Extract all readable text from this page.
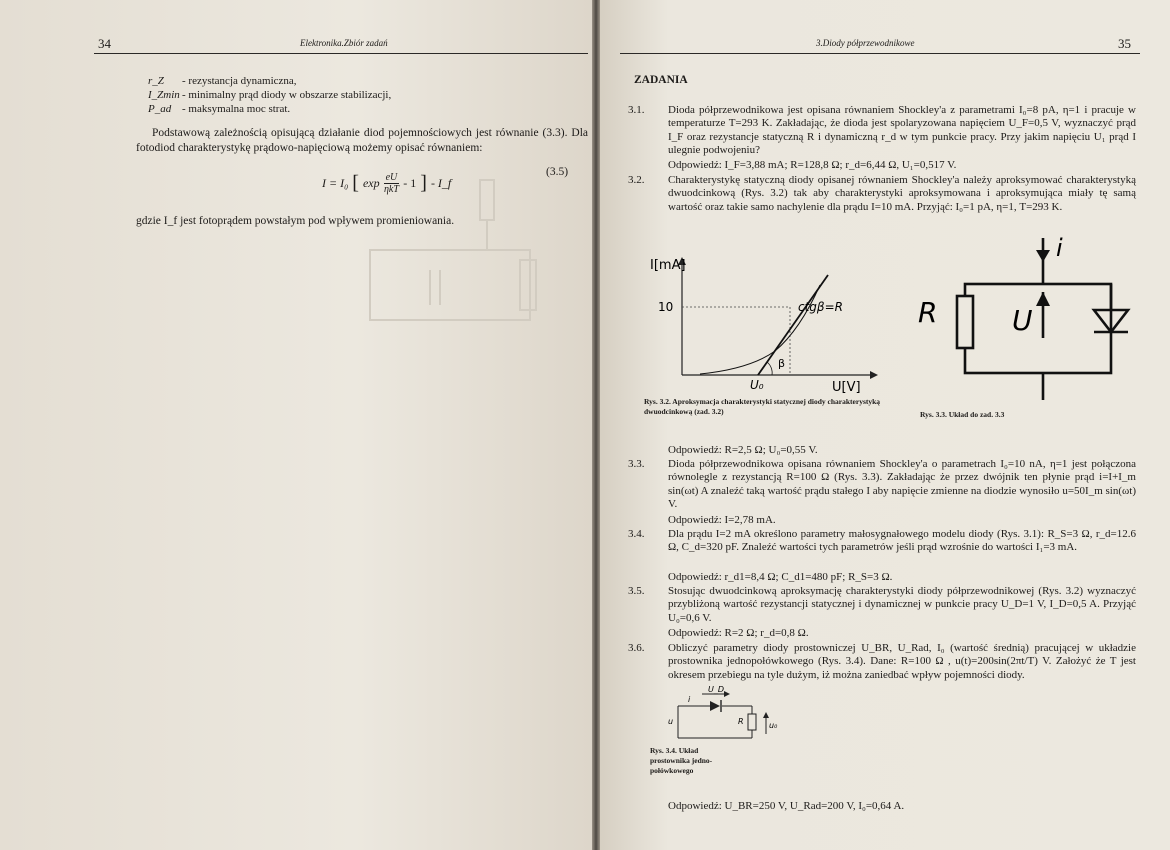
34	Elektronika.Zbiór zadań
r_Z	- rezystancja dynamiczna,
I_Zmin - minimalny prąd diody w obszarze stabilizacji,
P_ad - maksymalna moc strat.
Podstawową zależnością opisującą działanie diod pojemnościowych jest równanie (3.3). Dla fotodiod charakterystykę prądowo-napięciową możemy opisać równaniem:
I = I₀ [ $\exp \frac{eU}{\text{ηkT}} - 1$ ] - I_f
(3.5)
gdzie I_f jest fotoprądem powstałym pod wpływem promieniowania.
3.Diody półprzewodnikowe	35
ZADANIA
3.1.	Dioda półprzewodnikowa jest opisana równaniem Shockley'a z parametrami I₀=8 pA, η=1 i pracuje w temperaturze T=293 K. Zakładając, że dioda jest spolaryzowana napięciem U_F=0,5 V, wyznaczyć prąd I_F oraz rezystancje statyczną R i dynamiczną r_d w tym punkcie pracy. Przy jakim napięciu U₁ prąd I ulegnie podwojeniu?
Odpowiedź: I_F=3,88 mA; R=128,8 Ω; r_d=6,44 Ω, U₁=0,517 V.
3.2.	Charakterystykę statyczną diody opisanej równaniem Shockley'a należy aproksymować charakterystyką dwuodcinkową (Rys. 3.2) tak aby charakterystyki aproksymowana i aproksymująca miały tę samą wartość oraz takie samo nachylenie dla prądu I=10 mA. Przyjąć: I₀=1 pA, η=1, T=293 K.
I[mA]
10	ctgβ=R
β
U₀	U[V]
Rys. 3.2. Aproksymacja charakterystyki statycznej diody charakterystyką dwuodcinkową (zad. 3.2)
i
R	U
Rys. 3.3. Układ do zad. 3.3
Odpowiedź: R=2,5 Ω; U₀=0,55 V.
3.3.	Dioda półprzewodnikowa opisana równaniem Shockley'a o parametrach I₀=10 nA, η=1 jest połączona równolegle z rezystancją R=100 Ω (Rys. 3.3). Zakładając że przez dwójnik ten płynie prąd i=I+I_m sin(ωt) A znaleźć taką wartość prądu stałego I aby napięcie zmienne na diodzie wynosiło u=50I_m sin(ωt) V.
Odpowiedź: I=2,78 mA.
3.4.	Dla prądu I=2 mA określono parametry małosygnałowego modelu diody (Rys. 3.1): R_S=3 Ω, r_d=12.6 Ω, C_d=320 pF. Znaleźć wartości tych parametrów jeśli prąd wzrośnie do wartości I₁=3 mA.
Odpowiedź: r_d1=8,4 Ω; C_d1=480 pF; R_S=3 Ω.
3.5.	Stosując dwuodcinkową aproksymację charakterystyki diody półprzewodnikowej (Rys. 3.2) wyznaczyć przybliżoną wartość rezystancji statycznej i dynamicznej w punkcie pracy U_D=1 V, I_D=0,5 A. Przyjąć U₀=0,6 V.
Odpowiedź: R=2 Ω; r_d=0,8 Ω.
3.6.	Obliczyć parametry diody prostowniczej U_BR, U_Rad, I₀ (wartość średnią) pracującej w układzie prostownika jednopołówkowego (Rys. 3.4). Dane: R=100 Ω , u(t)=200sin(2πt/T) V. Założyć że T jest okresem przebiegu na tyle dużym, iż można zaniedbać wpływ pojemności diody.
U_D
i
u	R	u₀
Rys. 3.4. Układ prostownika jedno-połówkowego
Odpowiedź: U_BR=250 V, U_Rad=200 V, I₀=0,64 A.
